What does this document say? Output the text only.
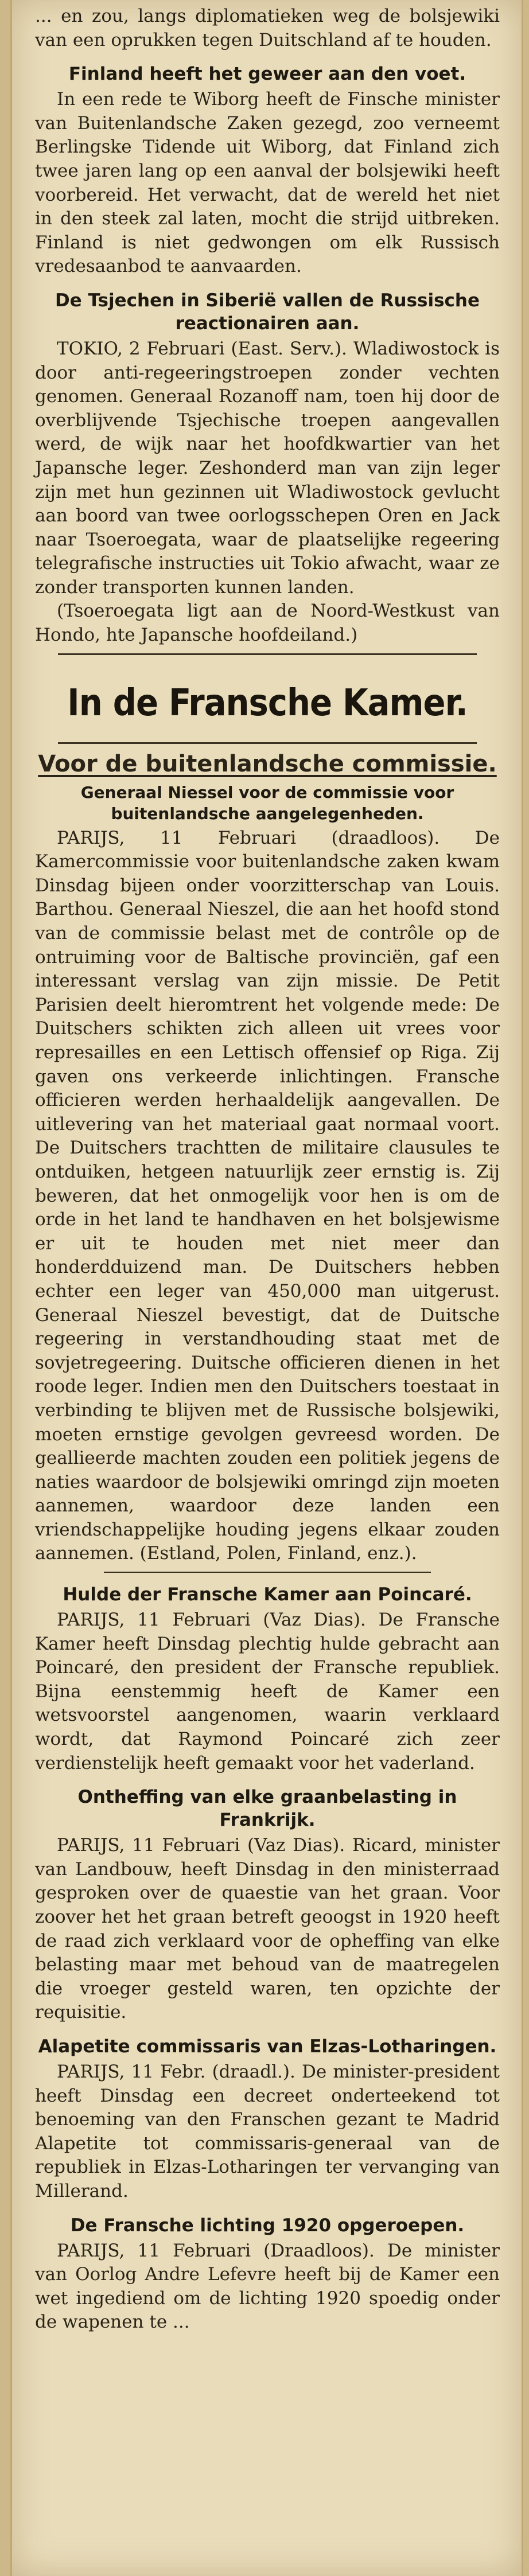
... en zou, langs diplomatieken weg de bolsjewiki van een oprukken tegen Duitschland af te houden.

Finland heeft het geweer aan den voet.

In een rede te Wiborg heeft de Finsche minister van Buitenlandsche Zaken gezegd, zoo verneemt Berlingske Tidende uit Wiborg, dat Finland zich twee jaren lang op een aanval der bolsjewiki heeft voorbereid. Het verwacht, dat de wereld het niet in den steek zal laten, mocht die strijd uitbreken. Finland is niet gedwongen om elk Russisch vredesaanbod te aanvaarden.

De Tsjechen in Siberië vallen de Russische reactionairen aan.

TOKIO, 2 Februari (East. Serv.). Wladiwostock is door anti-regeeringstroepen zonder vechten genomen. Generaal Rozanoff nam, toen hij door de overblijvende Tsjechische troepen aangevallen werd, de wijk naar het hoofdkwartier van het Japansche leger. Zeshonderd man van zijn leger zijn met hun gezinnen uit Wladiwostock gevlucht aan boord van twee oorlogsschepen Oren en Jack naar Tsoeroegata, waar de plaatselijke regeering telegrafische instructies uit Tokio afwacht, waar ze zonder transporten kunnen landen.

(Tsoeroegata ligt aan de Noord-Westkust van Hondo, hte Japansche hoofdeiland.)

In de Fransche Kamer.
Voor de buitenlandsche commissie.
Generaal Niessel voor de commissie voor buitenlandsche aangelegenheden.

PARIJS, 11 Februari (draadloos). De Kamercommissie voor buitenlandsche zaken kwam Dinsdag bijeen onder voorzitterschap van Louis. Barthou. Generaal Nieszel, die aan het hoofd stond van de commissie belast met de contrôle op de ontruiming voor de Baltische provinciën, gaf een interessant verslag van zijn missie. De Petit Parisien deelt hieromtrent het volgende mede: De Duitschers schikten zich alleen uit vrees voor represailles en een Lettisch offensief op Riga. Zij gaven ons verkeerde inlichtingen. Fransche officieren werden herhaaldelijk aangevallen. De uitlevering van het materiaal gaat normaal voort. De Duitschers trachtten de militaire clausules te ontduiken, hetgeen natuurlijk zeer ernstig is. Zij beweren, dat het onmogelijk voor hen is om de orde in het land te handhaven en het bolsjewisme er uit te houden met niet meer dan honderdduizend man. De Duitschers hebben echter een leger van 450,000 man uitgerust. Generaal Nieszel bevestigt, dat de Duitsche regeering in verstandhouding staat met de sovjetregeering. Duitsche officieren dienen in het roode leger. Indien men den Duitschers toestaat in verbinding te blijven met de Russische bolsjewiki, moeten ernstige gevolgen gevreesd worden. De geallieerde machten zouden een politiek jegens de naties waardoor de bolsjewiki omringd zijn moeten aannemen, waardoor deze landen een vriendschappelijke houding jegens elkaar zouden aannemen. (Estland, Polen, Finland, enz.).

Hulde der Fransche Kamer aan Poincaré.

PARIJS, 11 Februari (Vaz Dias). De Fransche Kamer heeft Dinsdag plechtig hulde gebracht aan Poincaré, den president der Fransche republiek. Bijna eenstemmig heeft de Kamer een wetsvoorstel aangenomen, waarin verklaard wordt, dat Raymond Poincaré zich zeer verdienstelijk heeft gemaakt voor het vaderland.

Ontheffing van elke graanbelasting in Frankrijk.

PARIJS, 11 Februari (Vaz Dias). Ricard, minister van Landbouw, heeft Dinsdag in den ministerraad gesproken over de quaestie van het graan. Voor zoover het het graan betreft geoogst in 1920 heeft de raad zich verklaard voor de opheffing van elke belasting maar met behoud van de maatregelen die vroeger gesteld waren, ten opzichte der requisitie.

Alapetite commissaris van Elzas-Lotharingen.

PARIJS, 11 Febr. (draadl.). De minister-president heeft Dinsdag een decreet onderteekend tot benoeming van den Franschen gezant te Madrid Alapetite tot commissaris-generaal van de republiek in Elzas-Lotharingen ter vervanging van Millerand.

De Fransche lichting 1920 opgeroepen.

PARIJS, 11 Februari (Draadloos). De minister van Oorlog Andre Lefevre heeft bij de Kamer een wet ingediend om de lichting 1920 spoedig onder de wapenen te ...
